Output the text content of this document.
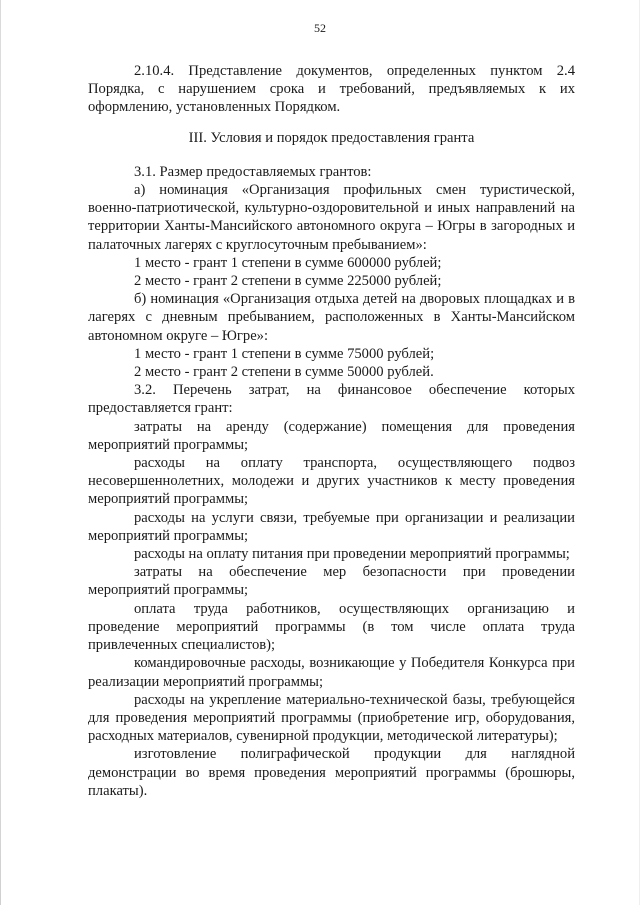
52

2.10.4. Представление документов, определенных пунктом 2.4 Порядка, с нарушением срока и требований, предъявляемых к их оформлению, установленных Порядком.

III. Условия и порядок предоставления гранта

3.1. Размер предоставляемых грантов:

а) номинация «Организация профильных смен туристической, военно-патриотической, культурно-оздоровительной и иных направлений на территории Ханты-Мансийского автономного округа – Югры в загородных и палаточных лагерях с круглосуточным пребыванием»:

1 место - грант 1 степени в сумме 600000 рублей;

2 место - грант 2 степени в сумме 225000 рублей;

б) номинация «Организация отдыха детей на дворовых площадках и в лагерях с дневным пребыванием, расположенных в Ханты-Мансийском автономном округе – Югре»:

1 место - грант 1 степени в сумме 75000 рублей;

2 место - грант 2 степени в сумме 50000 рублей.

3.2. Перечень затрат, на финансовое обеспечение которых предоставляется грант:

затраты на аренду (содержание) помещения для проведения мероприятий программы;

расходы на оплату транспорта, осуществляющего подвоз несовершеннолетних, молодежи и других участников к месту проведения мероприятий программы;

расходы на услуги связи, требуемые при организации и реализации мероприятий программы;

расходы на оплату питания при проведении мероприятий программы;

затраты на обеспечение мер безопасности при проведении мероприятий программы;

оплата труда работников, осуществляющих организацию и проведение мероприятий программы (в том числе оплата труда привлеченных специалистов);

командировочные расходы, возникающие у Победителя Конкурса при реализации мероприятий программы;

расходы на укрепление материально-технической базы, требующейся для проведения мероприятий программы (приобретение игр, оборудования, расходных материалов, сувенирной продукции, методической литературы);

изготовление полиграфической продукции для наглядной демонстрации во время проведения мероприятий программы (брошюры, плакаты).
